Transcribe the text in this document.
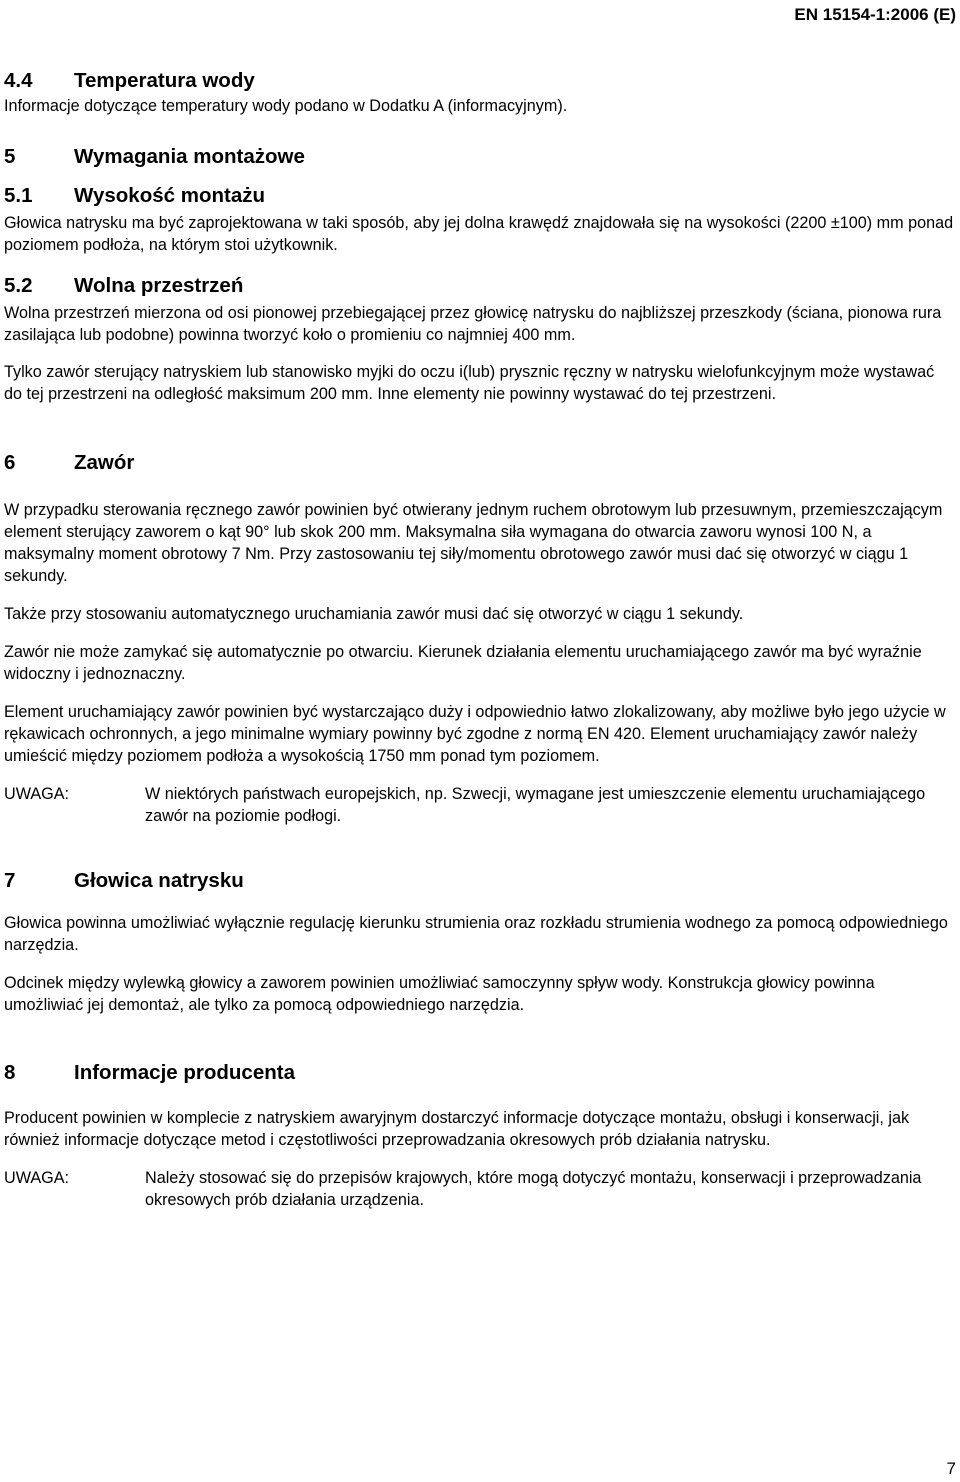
EN 15154-1:2006 (E)
4.4	Temperatura wody

Informacje dotyczące temperatury wody podano w Dodatku A (informacyjnym).

5	Wymagania montażowe
5.1	Wysokość montażu

Głowica natrysku ma być zaprojektowana w taki sposób, aby jej dolna krawędź znajdowała się na wysokości (2200 ±100) mm ponad poziomem podłoża, na którym stoi użytkownik.

5.2	Wolna przestrzeń

Wolna przestrzeń mierzona od osi pionowej przebiegającej przez głowicę natrysku do najbliższej przeszkody (ściana, pionowa rura zasilająca lub podobne) powinna tworzyć koło o promieniu co najmniej 400 mm.

Tylko zawór sterujący natryskiem lub stanowisko myjki do oczu i(lub) prysznic ręczny w natrysku wielofunkcyjnym może wystawać do tej przestrzeni na odległość maksimum 200 mm. Inne elementy nie powinny wystawać do tej przestrzeni.

6	Zawór

W przypadku sterowania ręcznego zawór powinien być otwierany jednym ruchem obrotowym lub przesuwnym, przemieszczającym element sterujący zaworem o kąt 90° lub skok 200 mm. Maksymalna siła wymagana do otwarcia zaworu wynosi 100 N, a maksymalny moment obrotowy 7 Nm. Przy zastosowaniu tej siły/momentu obrotowego zawór musi dać się otworzyć w ciągu 1 sekundy.

Także przy stosowaniu automatycznego uruchamiania zawór musi dać się otworzyć w ciągu 1 sekundy.

Zawór nie może zamykać się automatycznie po otwarciu. Kierunek działania elementu uruchamiającego zawór ma być wyraźnie widoczny i jednoznaczny.

Element uruchamiający zawór powinien być wystarczająco duży i odpowiednio łatwo zlokalizowany, aby możliwe było jego użycie w rękawicach ochronnych, a jego minimalne wymiary powinny być zgodne z normą EN 420. Element uruchamiający zawór należy umieścić między poziomem podłoża a wysokością 1750 mm ponad tym poziomem.

UWAGA:	W niektórych państwach europejskich, np. Szwecji, wymagane jest umieszczenie elementu uruchamiającego zawór na poziomie podłogi.
7	Głowica natrysku

Głowica powinna umożliwiać wyłącznie regulację kierunku strumienia oraz rozkładu strumienia wodnego za pomocą odpowiedniego narzędzia.

Odcinek między wylewką głowicy a zaworem powinien umożliwiać samoczynny spływ wody. Konstrukcja głowicy powinna umożliwiać jej demontaż, ale tylko za pomocą odpowiedniego narzędzia.

8	Informacje producenta

Producent powinien w komplecie z natryskiem awaryjnym dostarczyć informacje dotyczące montażu, obsługi i konserwacji, jak również informacje dotyczące metod i częstotliwości przeprowadzania okresowych prób działania natrysku.

UWAGA:	Należy stosować się do przepisów krajowych, które mogą dotyczyć montażu, konserwacji i przeprowadzania okresowych prób działania urządzenia.
7
